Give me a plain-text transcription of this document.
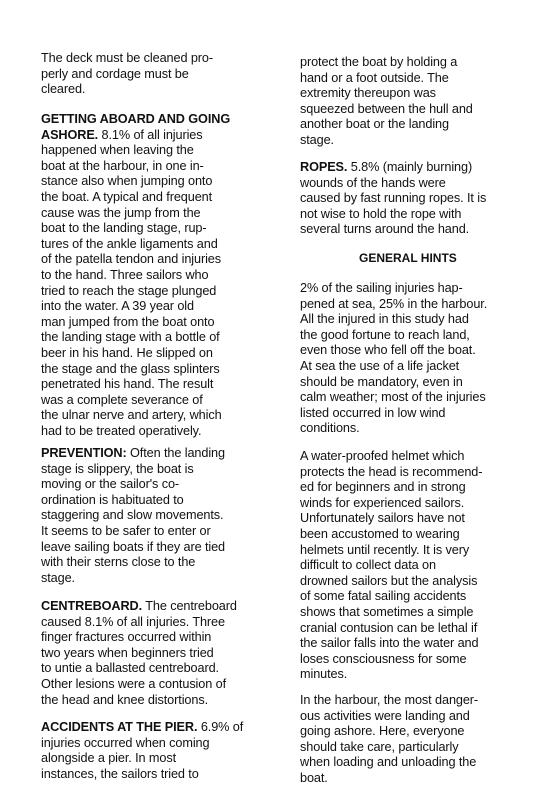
The deck must be cleaned pro-
perly and cordage must be
cleared.

GETTING ABOARD AND GOING
ASHORE. 8.1% of all injuries
happened when leaving the
boat at the harbour, in one in-
stance also when jumping onto
the boat. A typical and frequent
cause was the jump from the
boat to the landing stage, rup-
tures of the ankle ligaments and
of the patella tendon and injuries
to the hand. Three sailors who
tried to reach the stage plunged
into the water. A 39 year old
man jumped from the boat onto
the landing stage with a bottle of
beer in his hand. He slipped on
the stage and the glass splinters
penetrated his hand. The result
was a complete severance of
the ulnar nerve and artery, which
had to be treated operatively.

PREVENTION: Often the landing
stage is slippery, the boat is
moving or the sailor's co-
ordination is habituated to
staggering and slow movements.
It seems to be safer to enter or
leave sailing boats if they are tied
with their sterns close to the
stage.

CENTREBOARD. The centreboard
caused 8.1% of all injuries. Three
finger fractures occurred within
two years when beginners tried
to untie a ballasted centreboard.
Other lesions were a contusion of
the head and knee distortions.

ACCIDENTS AT THE PIER. 6.9% of
injuries occurred when coming
alongside a pier. In most
instances, the sailors tried to

protect the boat by holding a
hand or a foot outside. The
extremity thereupon was
squeezed between the hull and
another boat or the landing
stage.

ROPES. 5.8% (mainly burning)
wounds of the hands were
caused by fast running ropes. It is
not wise to hold the rope with
several turns around the hand.

GENERAL HINTS

2% of the sailing injuries hap-
pened at sea, 25% in the harbour.
All the injured in this study had
the good fortune to reach land,
even those who fell off the boat.
At sea the use of a life jacket
should be mandatory, even in
calm weather; most of the injuries
listed occurred in low wind
conditions.

A water-proofed helmet which
protects the head is recommend-
ed for beginners and in strong
winds for experienced sailors.
Unfortunately sailors have not
been accustomed to wearing
helmets until recently. It is very
difficult to collect data on
drowned sailors but the analysis
of some fatal sailing accidents
shows that sometimes a simple
cranial contusion can be lethal if
the sailor falls into the water and
loses consciousness for some
minutes.

In the harbour, the most danger-
ous activities were landing and
going ashore. Here, everyone
should take care, particularly
when loading and unloading the
boat.
